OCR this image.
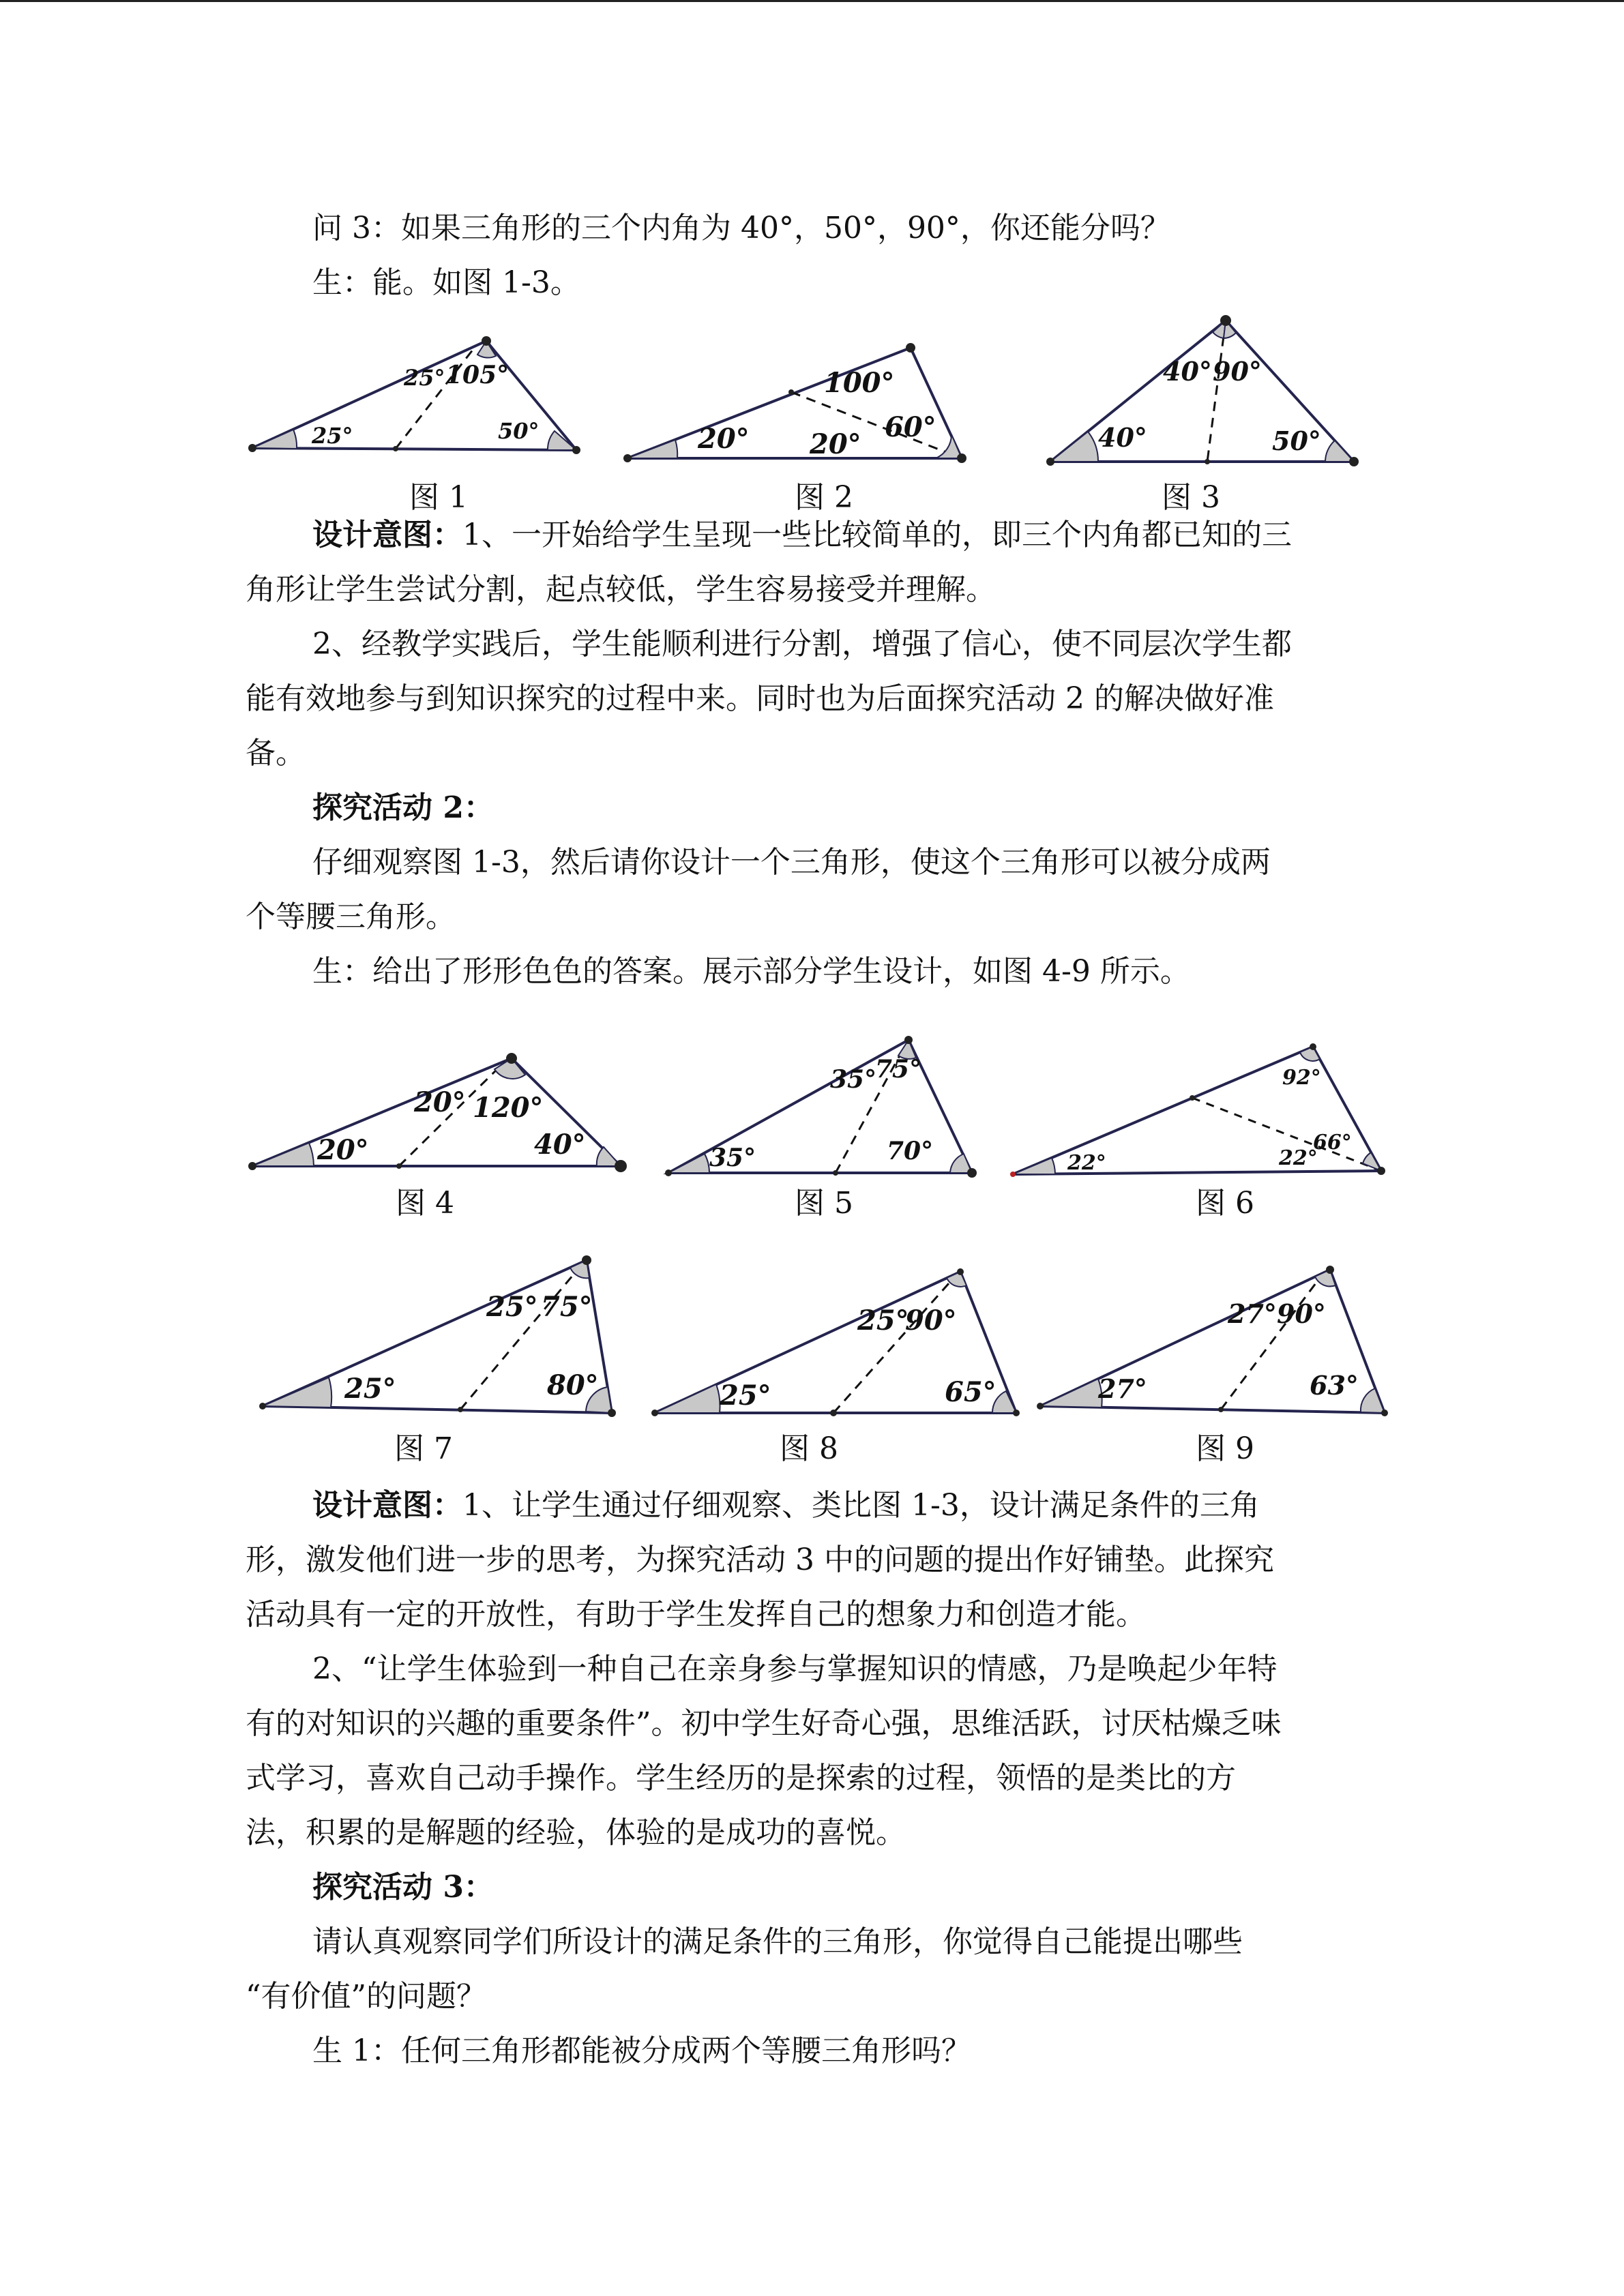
问 3：如果三角形的三个内角为 40°，50°，90°，你还能分吗？

生：能。如图 1-3。

25° 105°
25°	50°
图 1
100°
20° 20°
60°
图 2
40° 90°
40°	50°
图 3

设计意图：1、一开始给学生呈现一些比较简单的，即三个内角都已知的三

角形让学生尝试分割，起点较低，学生容易接受并理解。

2、经教学实践后，学生能顺利进行分割，增强了信心，使不同层次学生都

能有效地参与到知识探究的过程中来。同时也为后面探究活动 2 的解决做好准

备。

探究活动 2：

仔细观察图 1-3，然后请你设计一个三角形，使这个三角形可以被分成两

个等腰三角形。

生：给出了形形色色的答案。展示部分学生设计，如图 4-9 所示。

20° 120°
20°	40°
图 4
35°
75°
35°	70°
图 5
92°
66°
22°	22°
图 6
25° 75°
25°	80°
图 7
25°
90°
25°	65°
图 8
27° 90°
27°	63°
图 9

设计意图：1、让学生通过仔细观察、类比图 1-3，设计满足条件的三角

形，激发他们进一步的思考，为探究活动 3 中的问题的提出作好铺垫。此探究

活动具有一定的开放性，有助于学生发挥自己的想象力和创造才能。

2、“让学生体验到一种自己在亲身参与掌握知识的情感，乃是唤起少年特

有的对知识的兴趣的重要条件”。初中学生好奇心强，思维活跃，讨厌枯燥乏味

式学习，喜欢自己动手操作。学生经历的是探索的过程，领悟的是类比的方

法，积累的是解题的经验，体验的是成功的喜悦。

探究活动 3：

请认真观察同学们所设计的满足条件的三角形，你觉得自己能提出哪些

“有价值”的问题？

生 1：任何三角形都能被分成两个等腰三角形吗？
